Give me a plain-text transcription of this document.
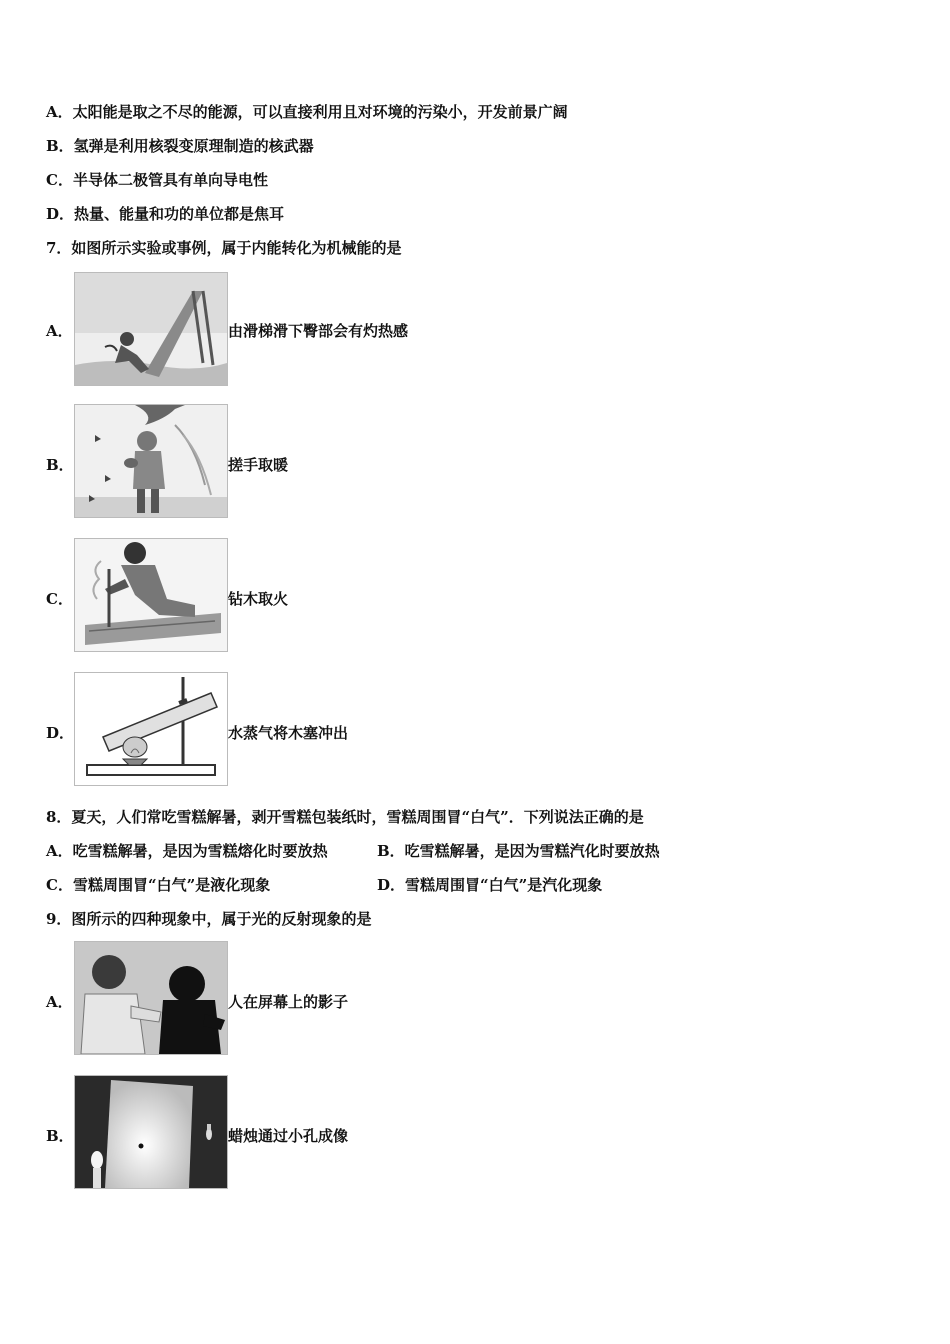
A．太阳能是取之不尽的能源，可以直接利用且对环境的污染小，开发前景广阔
B．氢弹是利用核裂变原理制造的核武器
C．半导体二极管具有单向导电性
D．热量、能量和功的单位都是焦耳
7．如图所示实验或事例，属于内能转化为机械能的是
A．	由滑梯滑下臀部会有灼热感
B．	搓手取暖
C．	钻木取火
D．	水蒸气将木塞冲出
8．夏天，人们常吃雪糕解暑，剥开雪糕包装纸时，雪糕周围冒“白气”．下列说法正确的是
A．吃雪糕解暑，是因为雪糕熔化时要放热	B．吃雪糕解暑，是因为雪糕汽化时要放热
C．雪糕周围冒“白气”是液化现象	D．雪糕周围冒“白气”是汽化现象
9．图所示的四种现象中，属于光的反射现象的是
A．	人在屏幕上的影子
B．	蜡烛通过小孔成像
